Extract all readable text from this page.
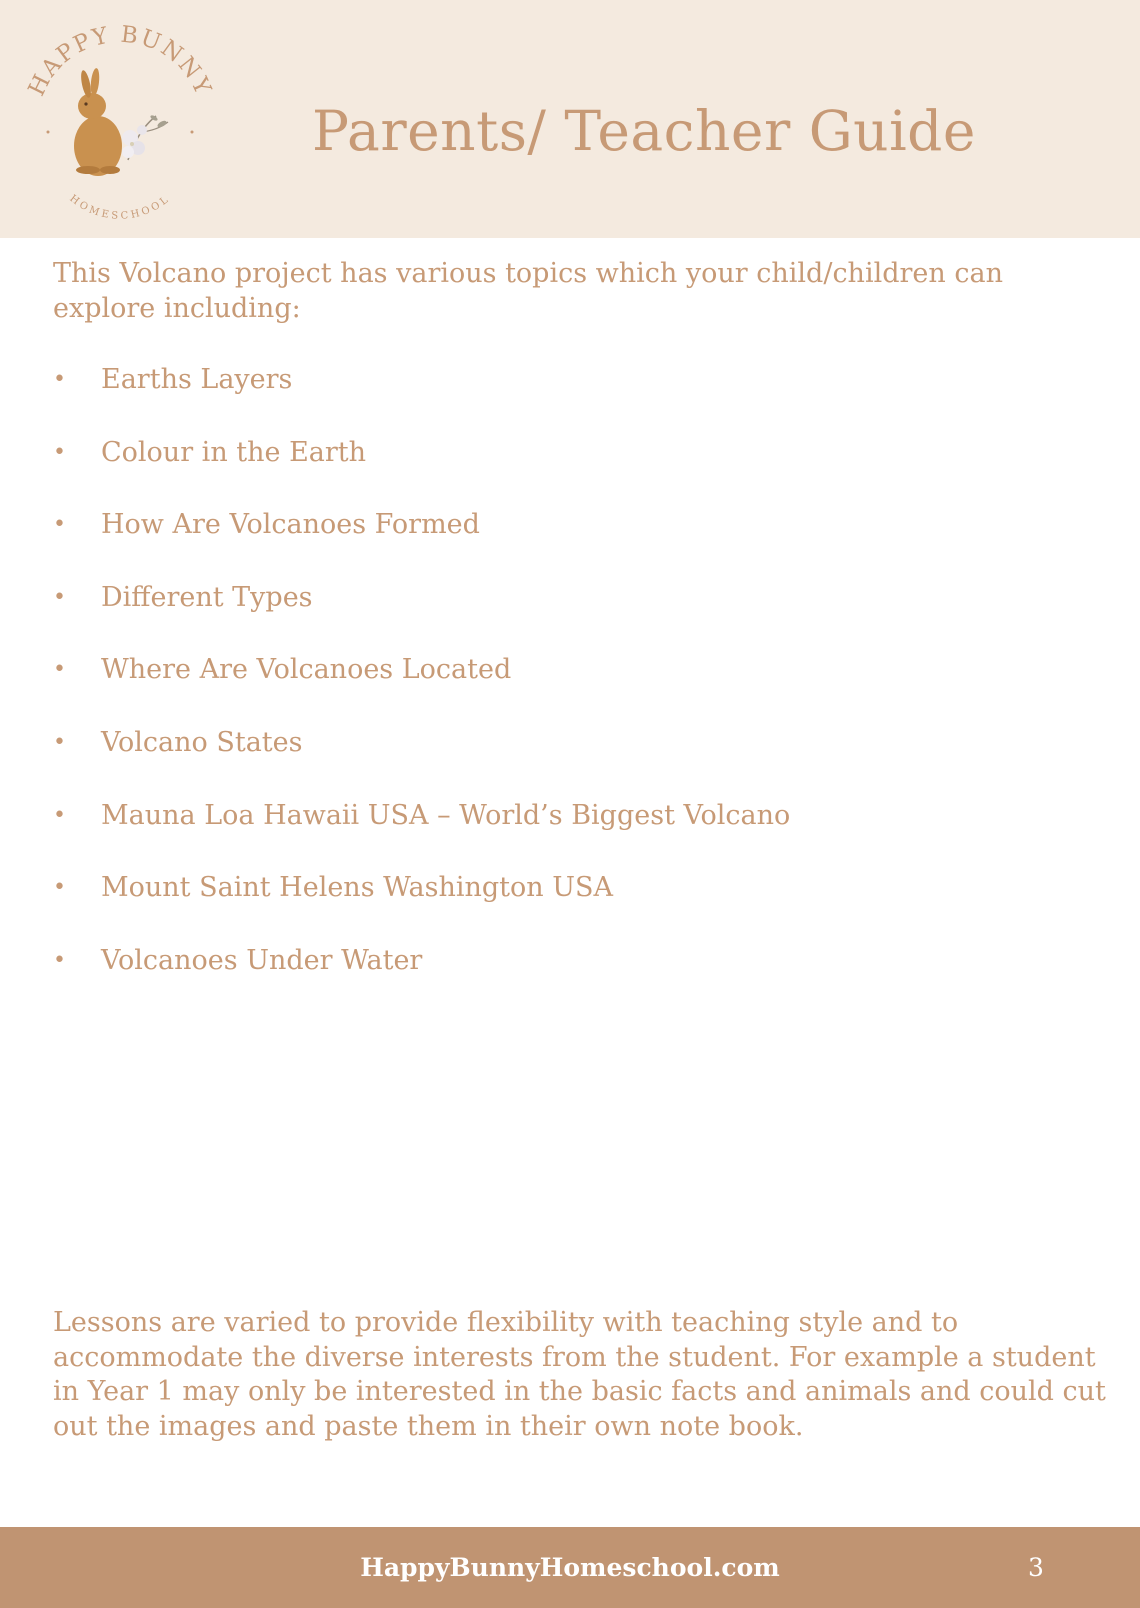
HAPPY BUNNY
HOMESCHOOL
Parents/ Teacher Guide
This Volcano project has various topics which your child/children can explore including:
• Earths Layers
• Colour in the Earth
• How Are Volcanoes Formed
• Different Types
• Where Are Volcanoes Located
• Volcano States
• Mauna Loa Hawaii USA – World’s Biggest Volcano
• Mount Saint Helens Washington USA
• Volcanoes Under Water
Lessons are varied to provide flexibility with teaching style and to accommodate the diverse interests from the student. For example a student in Year 1 may only be interested in the basic facts and animals and could cut out the images and paste them in their own note book.
HappyBunnyHomeschool.com	3
